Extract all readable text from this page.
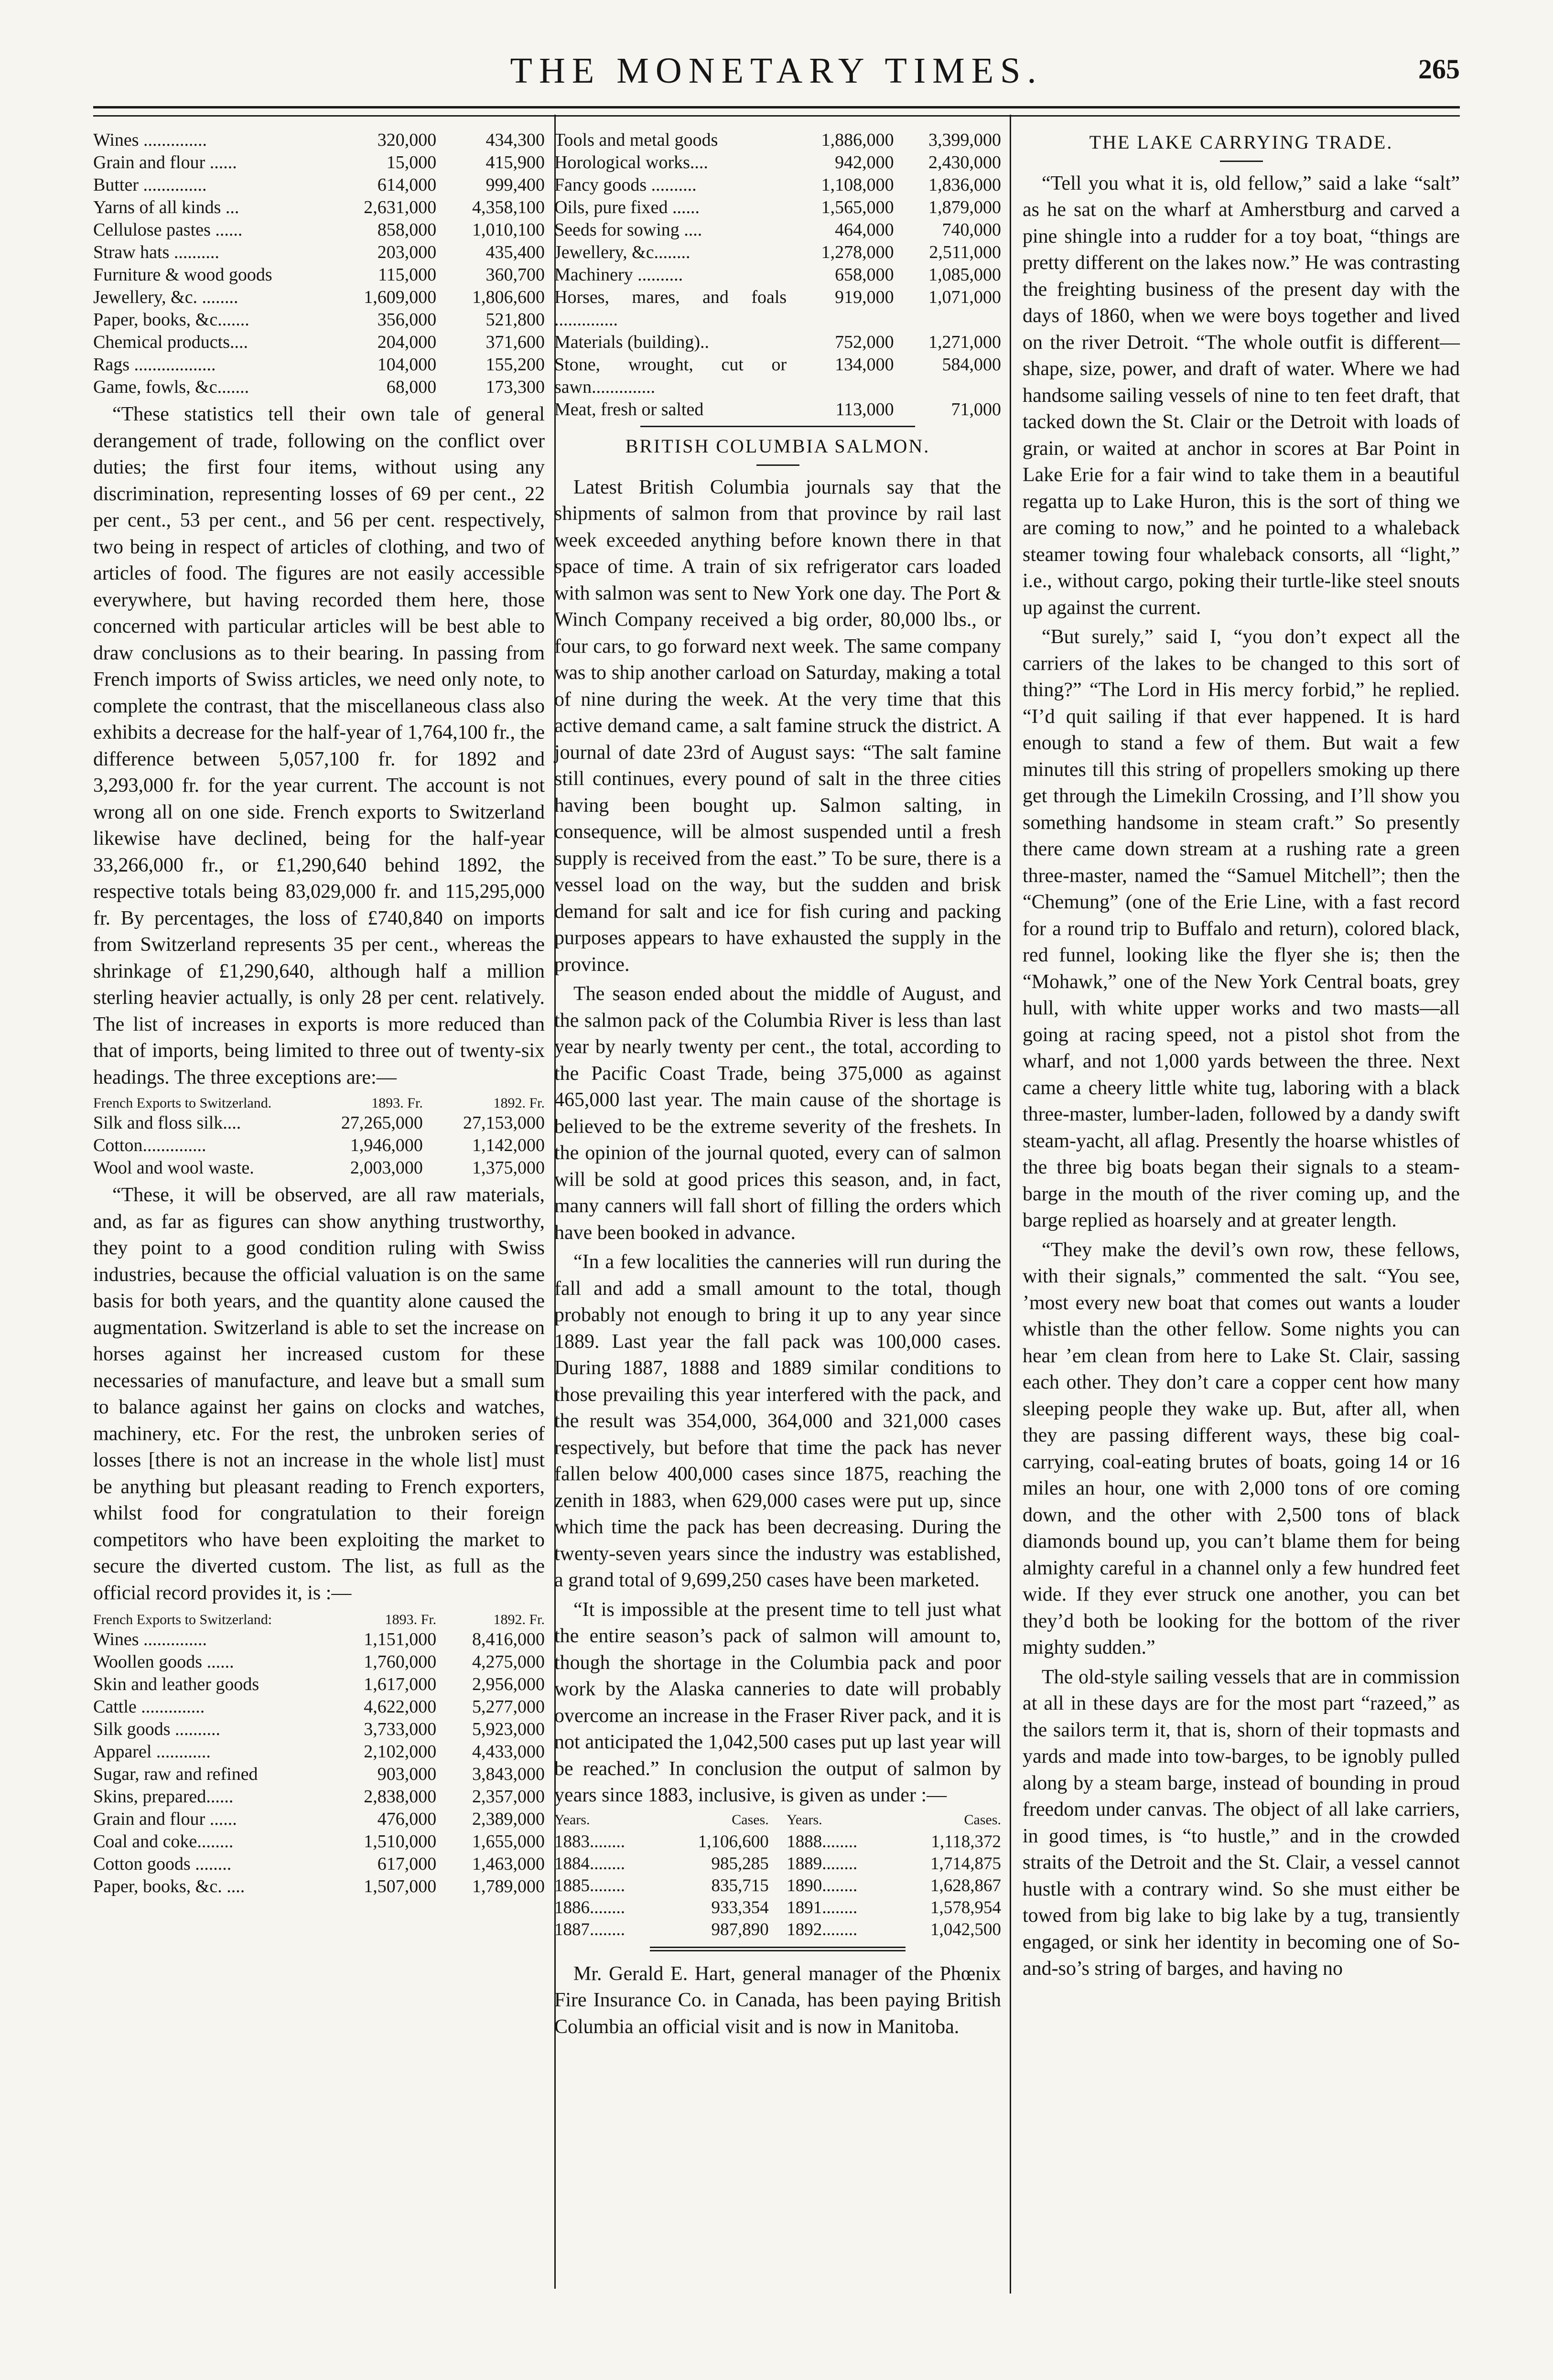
THE MONETARY TIMES.	265
Wines ..............	320,000	434,300
Grain and flour ......	15,000	415,900
Butter ..............	614,000	999,400
Yarns of all kinds ...	2,631,000	4,358,100
Cellulose pastes ......	858,000	1,010,100
Straw hats ..........	203,000	435,400
Furniture & wood goods	115,000	360,700
Jewellery, &c. ........	1,609,000	1,806,600
Paper, books, &c.......	356,000	521,800
Chemical products....	204,000	371,600
Rags ..................	104,000	155,200
Game, fowls, &c.......	68,000	173,300

“These statistics tell their own tale of general derangement of trade, following on the conflict over duties; the first four items, without using any discrimination, representing losses of 69 per cent., 22 per cent., 53 per cent., and 56 per cent. respectively, two being in respect of articles of clothing, and two of articles of food. The figures are not easily accessible everywhere, but having recorded them here, those concerned with particular articles will be best able to draw conclusions as to their bearing. In passing from French imports of Swiss articles, we need only note, to complete the contrast, that the miscellaneous class also exhibits a decrease for the half-year of 1,764,100 fr., the difference between 5,057,100 fr. for 1892 and 3,293,000 fr. for the year current. The account is not wrong all on one side. French exports to Switzerland likewise have declined, being for the half-year 33,266,000 fr., or £1,290,640 behind 1892, the respective totals being 83,029,000 fr. and 115,295,000 fr. By percentages, the loss of £740,840 on imports from Switzerland represents 35 per cent., whereas the shrinkage of £1,290,640, although half a million sterling heavier actually, is only 28 per cent. relatively. The list of increases in exports is more reduced than that of imports, being limited to three out of twenty-six headings. The three exceptions are:—

French Exports to Switzerland.	1893. Fr.	1892. Fr.
Silk and floss silk....	27,265,000	27,153,000
Cotton..............	1,946,000	1,142,000
Wool and wool waste.	2,003,000	1,375,000

“These, it will be observed, are all raw materials, and, as far as figures can show anything trustworthy, they point to a good condition ruling with Swiss industries, because the official valuation is on the same basis for both years, and the quantity alone caused the augmentation. Switzerland is able to set the increase on horses against her increased custom for these necessaries of manufacture, and leave but a small sum to balance against her gains on clocks and watches, machinery, etc. For the rest, the unbroken series of losses [there is not an increase in the whole list] must be anything but pleasant reading to French exporters, whilst food for congratulation to their foreign competitors who have been exploiting the market to secure the diverted custom. The list, as full as the official record provides it, is :—

French Exports to Switzerland:	1893. Fr.	1892. Fr.
Wines ..............	1,151,000	8,416,000
Woollen goods ......	1,760,000	4,275,000
Skin and leather goods	1,617,000	2,956,000
Cattle ..............	4,622,000	5,277,000
Silk goods ..........	3,733,000	5,923,000
Apparel ............	2,102,000	4,433,000
Sugar, raw and refined	903,000	3,843,000
Skins, prepared......	2,838,000	2,357,000
Grain and flour ......	476,000	2,389,000
Coal and coke........	1,510,000	1,655,000
Cotton goods ........	617,000	1,463,000
Paper, books, &c. ....	1,507,000	1,789,000
Tools and metal goods	1,886,000	3,399,000
Horological works....	942,000	2,430,000
Fancy goods ..........	1,108,000	1,836,000
Oils, pure fixed ......	1,565,000	1,879,000
Seeds for sowing ....	464,000	740,000
Jewellery, &c........	1,278,000	2,511,000
Machinery ..........	658,000	1,085,000
Horses, mares, and foals ..............	919,000	1,071,000
Materials (building)..	752,000	1,271,000
Stone, wrought, cut or sawn..............	134,000	584,000
Meat, fresh or salted	113,000	71,000
BRITISH COLUMBIA SALMON.

Latest British Columbia journals say that the shipments of salmon from that province by rail last week exceeded anything before known there in that space of time. A train of six refrigerator cars loaded with salmon was sent to New York one day. The Port & Winch Company received a big order, 80,000 lbs., or four cars, to go forward next week. The same company was to ship another carload on Saturday, making a total of nine during the week. At the very time that this active demand came, a salt famine struck the district. A journal of date 23rd of August says: “The salt famine still continues, every pound of salt in the three cities having been bought up. Salmon salting, in consequence, will be almost suspended until a fresh supply is received from the east.” To be sure, there is a vessel load on the way, but the sudden and brisk demand for salt and ice for fish curing and packing purposes appears to have exhausted the supply in the province.

The season ended about the middle of August, and the salmon pack of the Columbia River is less than last year by nearly twenty per cent., the total, according to the Pacific Coast Trade, being 375,000 as against 465,000 last year. The main cause of the shortage is believed to be the extreme severity of the freshets. In the opinion of the journal quoted, every can of salmon will be sold at good prices this season, and, in fact, many canners will fall short of filling the orders which have been booked in advance.

“In a few localities the canneries will run during the fall and add a small amount to the total, though probably not enough to bring it up to any year since 1889. Last year the fall pack was 100,000 cases. During 1887, 1888 and 1889 similar conditions to those prevailing this year interfered with the pack, and the result was 354,000, 364,000 and 321,000 cases respectively, but before that time the pack has never fallen below 400,000 cases since 1875, reaching the zenith in 1883, when 629,000 cases were put up, since which time the pack has been decreasing. During the twenty-seven years since the industry was established, a grand total of 9,699,250 cases have been marketed.

“It is impossible at the present time to tell just what the entire season’s pack of salmon will amount to, though the shortage in the Columbia pack and poor work by the Alaska canneries to date will probably overcome an increase in the Fraser River pack, and it is not anticipated the 1,042,500 cases put up last year will be reached.” In conclusion the output of salmon by years since 1883, inclusive, is given as under :—

Years.	Cases.
1883........	1,106,600
1884........	985,285
1885........	835,715
1886........	933,354
1887........	987,890
Years.	Cases.
1888........	1,118,372
1889........	1,714,875
1890........	1,628,867
1891........	1,578,954
1892........	1,042,500

Mr. Gerald E. Hart, general manager of the Phœnix Fire Insurance Co. in Canada, has been paying British Columbia an official visit and is now in Manitoba.

THE LAKE CARRYING TRADE.

“Tell you what it is, old fellow,” said a lake “salt” as he sat on the wharf at Amherstburg and carved a pine shingle into a rudder for a toy boat, “things are pretty different on the lakes now.” He was contrasting the freighting business of the present day with the days of 1860, when we were boys together and lived on the river Detroit. “The whole outfit is different—shape, size, power, and draft of water. Where we had handsome sailing vessels of nine to ten feet draft, that tacked down the St. Clair or the Detroit with loads of grain, or waited at anchor in scores at Bar Point in Lake Erie for a fair wind to take them in a beautiful regatta up to Lake Huron, this is the sort of thing we are coming to now,” and he pointed to a whaleback steamer towing four whaleback consorts, all “light,” i.e., without cargo, poking their turtle-like steel snouts up against the current.

“But surely,” said I, “you don’t expect all the carriers of the lakes to be changed to this sort of thing?” “The Lord in His mercy forbid,” he replied. “I’d quit sailing if that ever happened. It is hard enough to stand a few of them. But wait a few minutes till this string of propellers smoking up there get through the Limekiln Crossing, and I’ll show you something handsome in steam craft.” So presently there came down stream at a rushing rate a green three-master, named the “Samuel Mitchell”; then the “Chemung” (one of the Erie Line, with a fast record for a round trip to Buffalo and return), colored black, red funnel, looking like the flyer she is; then the “Mohawk,” one of the New York Central boats, grey hull, with white upper works and two masts—all going at racing speed, not a pistol shot from the wharf, and not 1,000 yards between the three. Next came a cheery little white tug, laboring with a black three-master, lumber-laden, followed by a dandy swift steam-yacht, all aflag. Presently the hoarse whistles of the three big boats began their signals to a steam-barge in the mouth of the river coming up, and the barge replied as hoarsely and at greater length.

“They make the devil’s own row, these fellows, with their signals,” commented the salt. “You see, ’most every new boat that comes out wants a louder whistle than the other fellow. Some nights you can hear ’em clean from here to Lake St. Clair, sassing each other. They don’t care a copper cent how many sleeping people they wake up. But, after all, when they are passing different ways, these big coal-carrying, coal-eating brutes of boats, going 14 or 16 miles an hour, one with 2,000 tons of ore coming down, and the other with 2,500 tons of black diamonds bound up, you can’t blame them for being almighty careful in a channel only a few hundred feet wide. If they ever struck one another, you can bet they’d both be looking for the bottom of the river mighty sudden.”

The old-style sailing vessels that are in commission at all in these days are for the most part “razeed,” as the sailors term it, that is, shorn of their topmasts and yards and made into tow-barges, to be ignobly pulled along by a steam barge, instead of bounding in proud freedom under canvas. The object of all lake carriers, in good times, is “to hustle,” and in the crowded straits of the Detroit and the St. Clair, a vessel cannot hustle with a contrary wind. So she must either be towed from big lake to big lake by a tug, transiently engaged, or sink her identity in becoming one of So-and-so’s string of barges, and having no
